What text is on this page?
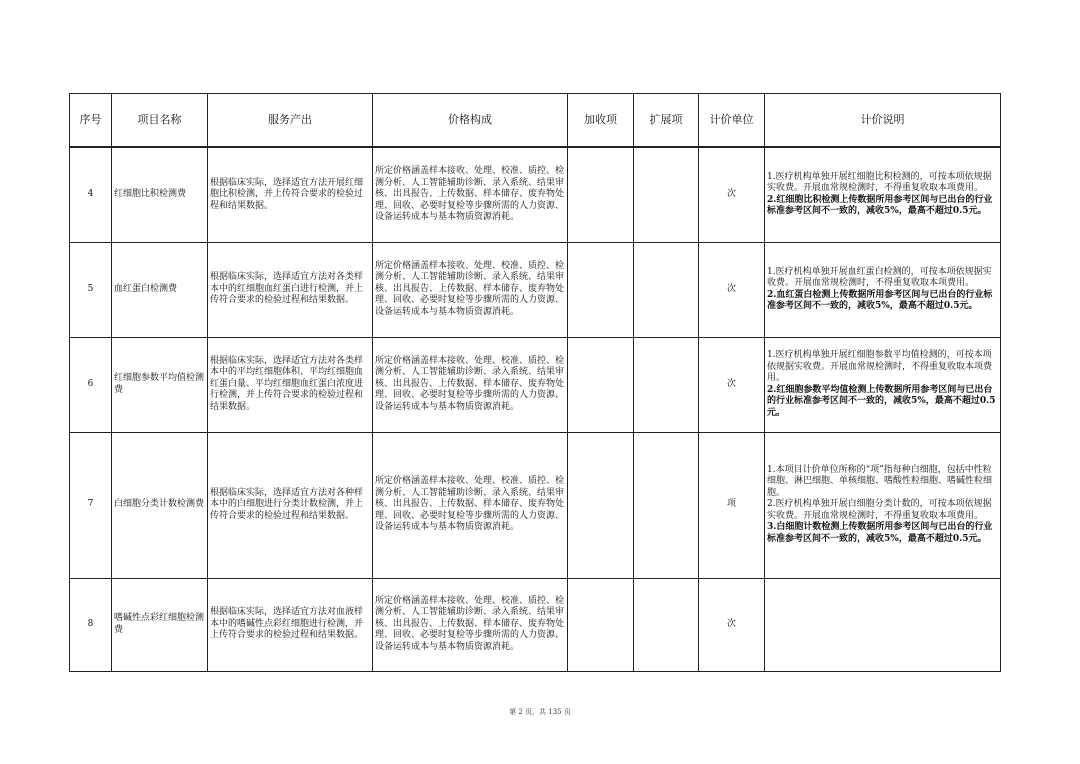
序号	项目名称	服务产出	价格构成	加收项	扩展项	计价单位	计价说明
4	红细胞比积检测费	根据临床实际，选择适宜方法开展红细胞比积检测，并上传符合要求的检验过程和结果数据。	所定价格涵盖样本接收、处理、校准、质控、检测分析、人工智能辅助诊断、录入系统、结果审核、出具报告、上传数据、样本储存、废弃物处理、回收、必要时复检等步骤所需的人力资源、设备运转成本与基本物质资源消耗。			次	1.医疗机构单独开展红细胞比积检测的，可按本项依规据实收费。开展血常规检测时，不得重复收取本项费用。
2.红细胞比积检测上传数据所用参考区间与已出台的行业标准参考区间不一致的，减收5%，最高不超过0.5元。

5	血红蛋白检测费	根据临床实际，选择适宜方法对各类样本中的红细胞血红蛋白进行检测，并上传符合要求的检验过程和结果数据。	所定价格涵盖样本接收、处理、校准、质控、检测分析、人工智能辅助诊断、录入系统、结果审核、出具报告、上传数据、样本储存、废弃物处理、回收、必要时复检等步骤所需的人力资源、设备运转成本与基本物质资源消耗。			次	1.医疗机构单独开展血红蛋白检测的，可按本项依规据实收费。开展血常规检测时，不得重复收取本项费用。
2.血红蛋白检测上传数据所用参考区间与已出台的行业标准参考区间不一致的，减收5%，最高不超过0.5元。

6	红细胞参数平均值检测费	根据临床实际，选择适宜方法对各类样本中的平均红细胞体积、平均红细胞血红蛋白量、平均红细胞血红蛋白浓度进行检测，并上传符合要求的检验过程和结果数据。	所定价格涵盖样本接收、处理、校准、质控、检测分析、人工智能辅助诊断、录入系统、结果审核、出具报告、上传数据、样本储存、废弃物处理、回收、必要时复检等步骤所需的人力资源、设备运转成本与基本物质资源消耗。			次	1.医疗机构单独开展红细胞参数平均值检测的，可按本项依规据实收费。开展血常规检测时，不得重复收取本项费用。
2.红细胞参数平均值检测上传数据所用参考区间与已出台的行业标准参考区间不一致的，减收5%，最高不超过0.5元。

7	白细胞分类计数检测费	根据临床实际，选择适宜方法对各种样本中的白细胞进行分类计数检测，并上传符合要求的检验过程和结果数据。	所定价格涵盖样本接收、处理、校准、质控、检测分析、人工智能辅助诊断、录入系统、结果审核、出具报告、上传数据、样本储存、废弃物处理、回收、必要时复检等步骤所需的人力资源、设备运转成本与基本物质资源消耗。			项	1.本项目计价单位所称的“项”指每种白细胞，包括中性粒细胞、淋巴细胞、单核细胞、嗜酸性粒细胞、嗜碱性粒细胞。
2.医疗机构单独开展白细胞分类计数的，可按本项依规据实收费。开展血常规检测时，不得重复收取本项费用。
3.白细胞计数检测上传数据所用参考区间与已出台的行业标准参考区间不一致的，减收5%，最高不超过0.5元。

8	嗜碱性点彩红细胞检测费	根据临床实际，选择适宜方法对血液样本中的嗜碱性点彩红细胞进行检测，并上传符合要求的检验过程和结果数据。	所定价格涵盖样本接收、处理、校准、质控、检测分析、人工智能辅助诊断、录入系统、结果审核、出具报告、上传数据、样本储存、废弃物处理、回收、必要时复检等步骤所需的人力资源、设备运转成本与基本物质资源消耗。			次	
第 2 页，共 135 页
